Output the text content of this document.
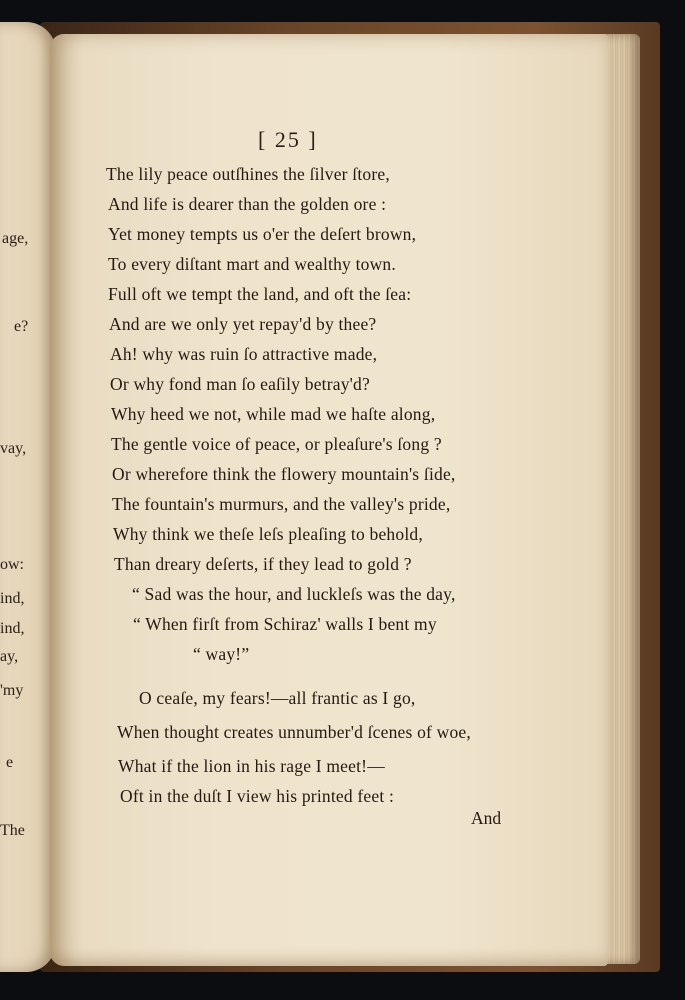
age,
e?
vay,
ow:
ind,
ind,
ay,
'my
e
The
[ 25 ]
The lily peace outſhines the ſilver ſtore,
And life is dearer than the golden ore :
Yet money tempts us o'er the deſert brown,
To every diſtant mart and wealthy town.
Full oft we tempt the land, and oft the ſea:
And are we only yet repay'd by thee?
Ah! why was ruin ſo attractive made,
Or why fond man ſo eaſily betray'd?
Why heed we not, while mad we haſte along,
The gentle voice of peace, or pleaſure's ſong ?
Or wherefore think the flowery mountain's ſide,
The fountain's murmurs, and the valley's pride,
Why think we theſe leſs pleaſing to behold,
Than dreary deſerts, if they lead to gold ?
“ Sad was the hour, and luckleſs was the day,
“ When firſt from Schiraz' walls I bent my
“ way!”
O ceaſe, my fears!—all frantic as I go,
When thought creates unnumber'd ſcenes of woe,
What if the lion in his rage I meet!—
Oft in the duſt I view his printed feet :
And
